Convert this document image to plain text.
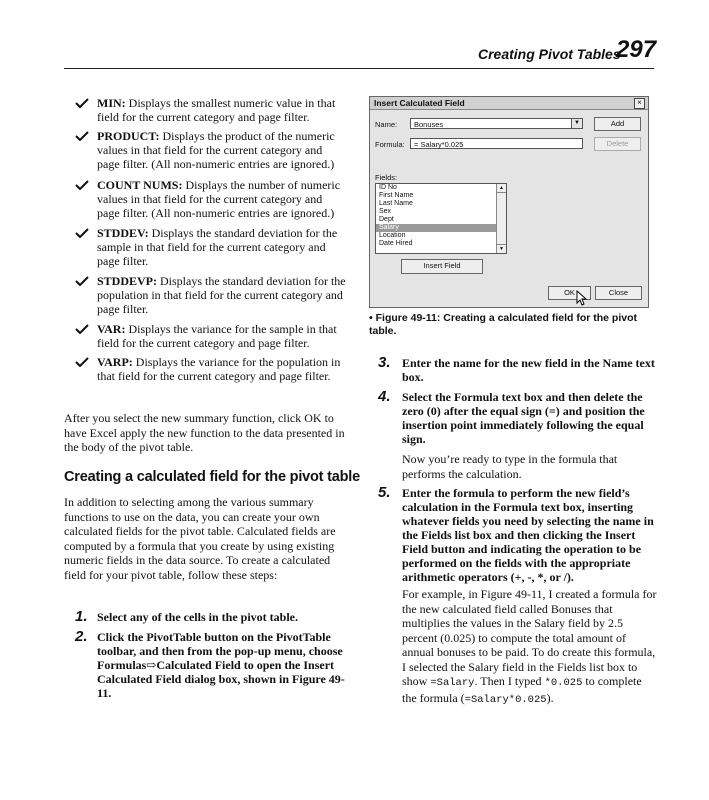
Creating Pivot Tables
297
MIN: Displays the smallest numeric value in that field for the current category and page filter.
PRODUCT: Displays the product of the numeric values in that field for the current category and page filter. (All non-numeric entries are ignored.)
COUNT NUMS: Displays the number of numeric values in that field for the current category and page filter. (All non-numeric entries are ignored.)
STDDEV: Displays the standard deviation for the sample in that field for the current category and page filter.
STDDEVP: Displays the standard deviation for the population in that field for the current category and page filter.
VAR: Displays the variance for the sample in that field for the current category and page filter.
VARP: Displays the variance for the population in that field for the current category and page filter.
After you select the new summary function, click OK to have Excel apply the new function to the data presented in the body of the pivot table.
Creating a calculated field for the pivot table
In addition to selecting among the various summary functions to use on the data, you can create your own calculated fields for the pivot table. Calculated fields are computed by a formula that you create by using existing numeric fields in the data source. To create a calculated field for your pivot table, follow these steps:
1. Select any of the cells in the pivot table.
2. Click the PivotTable button on the PivotTable toolbar, and then from the pop-up menu, choose Formulas⇨Calculated Field to open the Insert Calculated Field dialog box, shown in Figure 49-11.
Insert Calculated Field	×
Name:	Bonuses	▼	Add
Formula:	= Salary*0.025	Delete
Fields:
ID No
First Name
Last Name
Sex
Dept
Salary
Location
Date Hired
▲
▼
Insert Field
OK	Close
• Figure 49-11: Creating a calculated field for the pivot table.
3. Enter the name for the new field in the Name text box.
4. Select the Formula text box and then delete the zero (0) after the equal sign (=) and position the insertion point immediately following the equal sign.
Now you’re ready to type in the formula that performs the calculation.
5. Enter the formula to perform the new field’s calculation in the Formula text box, inserting whatever fields you need by selecting the name in the Fields list box and then clicking the Insert Field button and indicating the operation to be performed on the fields with the appropriate arithmetic operators (+, -, *, or /).
For example, in Figure 49-11, I created a formula for the new calculated field called Bonuses that multiplies the values in the Salary field by 2.5 percent (0.025) to compute the total amount of annual bonuses to be paid. To do create this formula, I selected the Salary field in the Fields list box to show =Salary. Then I typed *0.025 to complete the formula (=Salary*0.025).
